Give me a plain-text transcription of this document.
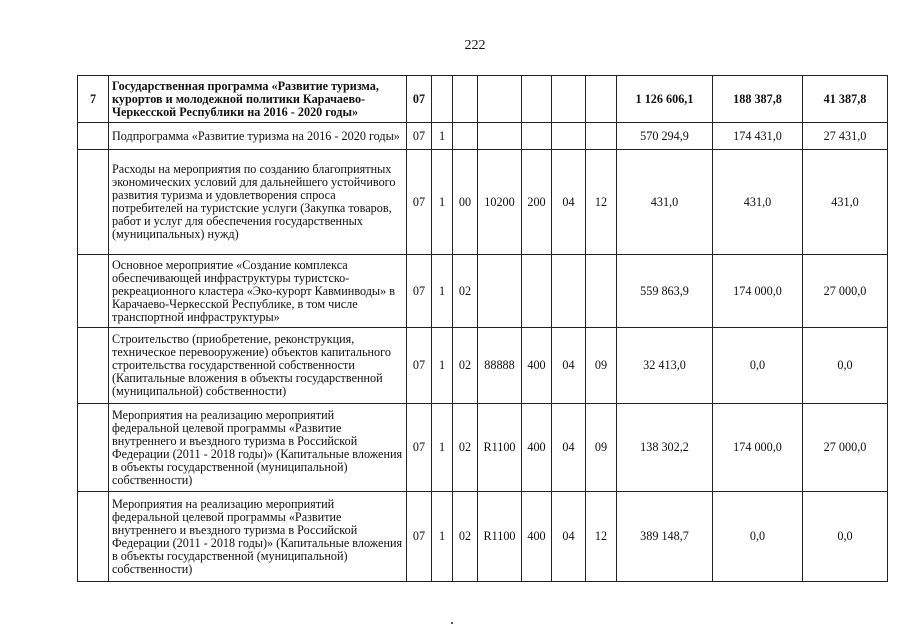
222
7	Государственная программа «Развитие туризма, курортов и молодежной политики Карачаево-Черкесской Республики на 2016 - 2020 годы»	07							1 126 606,1	188 387,8	41 387,8
	Подпрограмма «Развитие туризма на 2016 - 2020 годы»	07	1						570 294,9	174 431,0	27 431,0
	Расходы на мероприятия по созданию благоприятных экономических условий для дальнейшего устойчивого развития туризма и удовлетворения спроса потребителей на туристские услуги (Закупка товаров, работ и услуг для обеспечения государственных (муниципальных) нужд)	07	1	00	10200	200	04	12	431,0	431,0	431,0
	Основное мероприятие «Создание комплекса обеспечивающей инфраструктуры туристско-рекреационного кластера «Эко-курорт Кавминводы» в Карачаево-Черкесской Республике, в том числе транспортной инфраструктуры»	07	1	02					559 863,9	174 000,0	27 000,0
	Строительство (приобретение, реконструкция, техническое перевооружение) объектов капитального строительства государственной собственности (Капитальные вложения в объекты государственной (муниципальной) собственности)	07	1	02	88888	400	04	09	32 413,0	0,0	0,0
	Мероприятия на реализацию мероприятий федеральной целевой программы «Развитие внутреннего и въездного туризма в Российской Федерации (2011 - 2018 годы)» (Капитальные вложения в объекты государственной (муниципальной) собственности)	07	1	02	R1100	400	04	09	138 302,2	174 000,0	27 000,0
	Мероприятия на реализацию мероприятий федеральной целевой программы «Развитие внутреннего и въездного туризма в Российской Федерации (2011 - 2018 годы)» (Капитальные вложения в объекты государственной (муниципальной) собственности)	07	1	02	R1100	400	04	12	389 148,7	0,0	0,0
